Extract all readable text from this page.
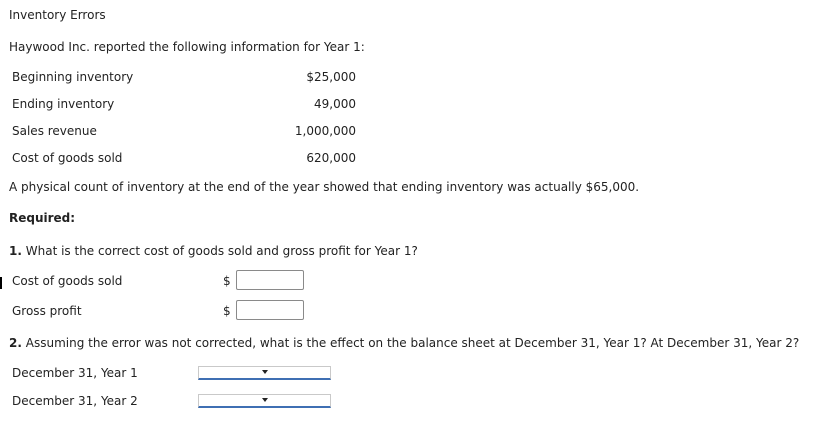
Inventory Errors
Haywood Inc. reported the following information for Year 1:
Beginning inventory	$25,000
Ending inventory	49,000
Sales revenue	1,000,000
Cost of goods sold	620,000
A physical count of inventory at the end of the year showed that ending inventory was actually $65,000.
Required:
1. What is the correct cost of goods sold and gross profit for Year 1?
Cost of goods sold	$
Gross profit	$
2. Assuming the error was not corrected, what is the effect on the balance sheet at December 31, Year 1? At December 31, Year 2?
December 31, Year 1
December 31, Year 2
